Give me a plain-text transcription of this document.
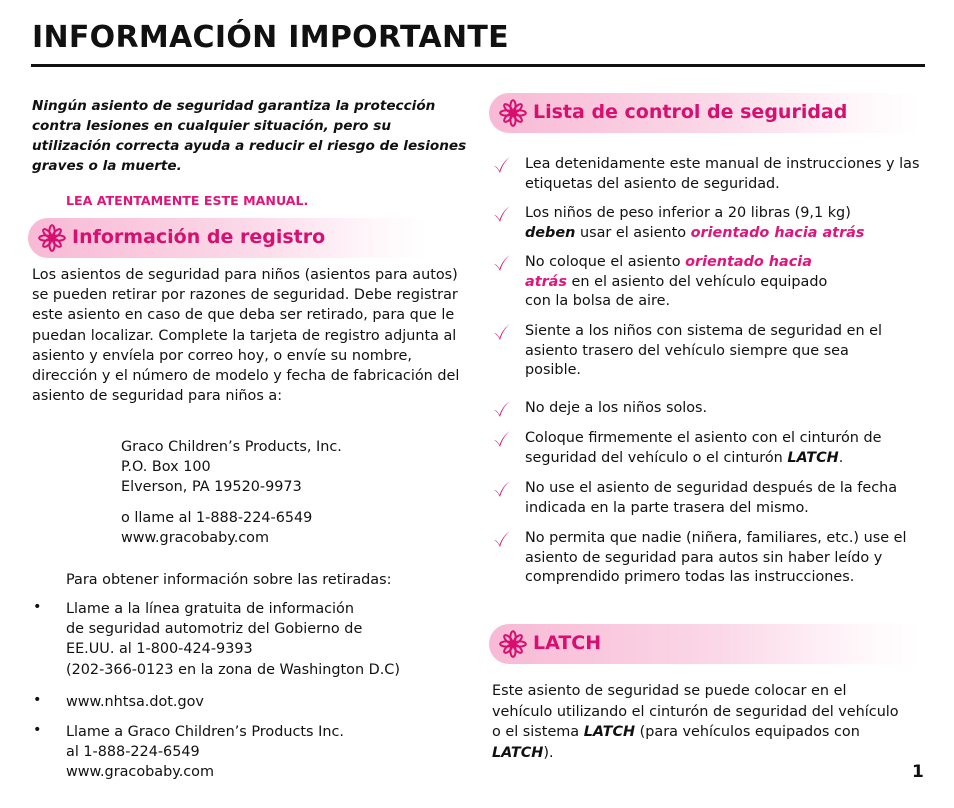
INFORMACIÓN IMPORTANTE

Ningún asiento de seguridad garantiza la protección contra lesiones en cualquier situación, pero su utilización correcta ayuda a reducir el riesgo de lesiones graves o la muerte.

LEA ATENTAMENTE ESTE MANUAL.

Información de registro

Los asientos de seguridad para niños (asientos para autos) se pueden retirar por razones de seguridad. Debe registrar este asiento en caso de que deba ser retirado, para que le puedan localizar. Complete la tarjeta de registro adjunta al asiento y envíela por correo hoy, o envíe su nombre, dirección y el número de modelo y fecha de fabricación del asiento de seguridad para niños a:

Graco Children’s Products, Inc.

P.O. Box 100

Elverson, PA 19520-9973

o llame al 1-888-224-6549

www.gracobaby.com

Para obtener información sobre las retiradas:

• Llame a la línea gratuita de información

de seguridad automotriz del Gobierno de

EE.UU. al 1-800-424-9393

(202-366-0123 en la zona de Washington D.C)

• www.nhtsa.dot.gov

• Llame a Graco Children’s Products Inc.

al 1-888-224-6549

www.gracobaby.com

Lista de control de seguridad
Lea detenidamente este manual de instrucciones y las etiquetas del asiento de seguridad.
Los niños de peso inferior a 20 libras (9,1 kg)
deben usar el asiento orientado hacia atrás
No coloque el asiento orientado hacia atrás en el asiento del vehículo equipado con la bolsa de aire.
Siente a los niños con sistema de seguridad en el asiento trasero del vehículo siempre que sea posible.
No deje a los niños solos.
Coloque firmemente el asiento con el cinturón de seguridad del vehículo o el cinturón LATCH.
No use el asiento de seguridad después de la fecha indicada en la parte trasera del mismo.
No permita que nadie (niñera, familiares, etc.) use el asiento de seguridad para autos sin haber leído y comprendido primero todas las instrucciones.
LATCH

Este asiento de seguridad se puede colocar en el vehículo utilizando el cinturón de seguridad del vehículo o el sistema LATCH (para vehículos equipados con LATCH).

1
